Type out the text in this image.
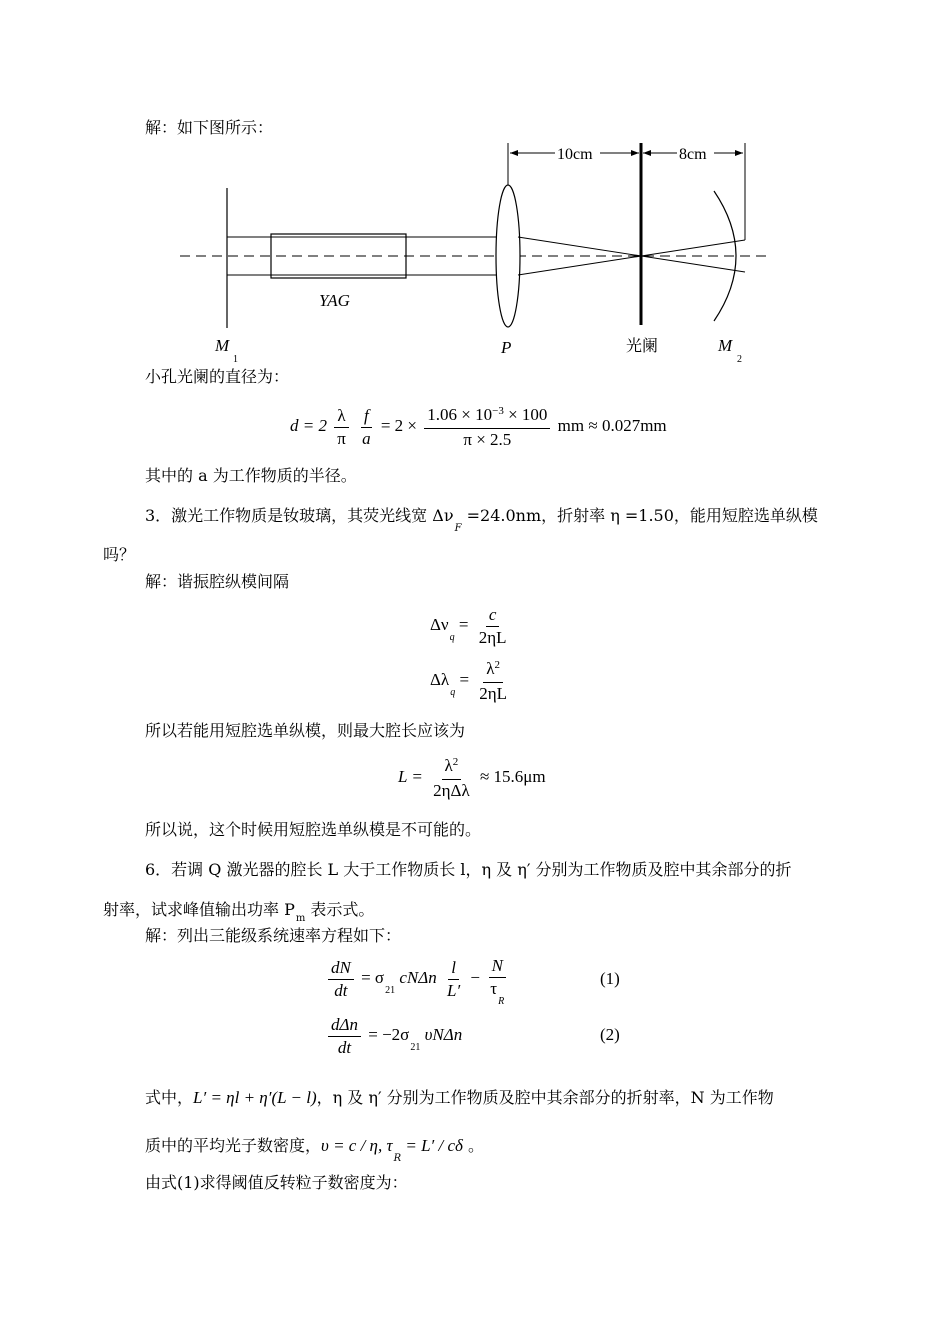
解：如下图所示：
10cm	8cm
YAG
M
1
P	光阑	M
2
小孔光阑的直径为：
$d = 2 \frac{\lambda}{\pi}$
$\frac{f}{a} = 2 \times \frac{1.06 \times 10^{-3} \times 100}{\pi \times 2.5}$ mm ≈ 0.027mm
其中的 a 为工作物质的半径。
3．激光工作物质是钕玻璃，其荧光线宽 $\Delta\nu_F =24.0nm$，折射率 η =1.50，能用短腔选单纵模
吗？
解：谐振腔纵模间隔
$\Delta\nu_q = \frac{c}{2\eta L}$
$\Delta\lambda_q = \frac{\lambda^2}{2\eta L}$
所以若能用短腔选单纵模，则最大腔长应该为
$L = \frac{\lambda^2}{\text{2ηΔλ}} \approx 15.6\mu m$
所以说，这个时候用短腔选单纵模是不可能的。
6．若调 Q 激光器的腔长 L 大于工作物质长 l，η 及 η′ 分别为工作物质及腔中其余部分的折
射率，试求峰值输出功率 $P_m$ 表示式。
解：列出三能级系统速率方程如下：
$\frac{dN}{dt} = \sigma_{21}$ cNΔn $\frac{l}{L'} - \frac{N}{\tau_R}$	(1)
$\frac{\text{dΔn}}{dt} = -2\sigma_{21}$ υNΔn	(2)
式中，L′ = ηl + η′(L − l)，η 及 η′ 分别为工作物质及腔中其余部分的折射率，N 为工作物
质中的平均光子数密度，υ = c / η, $\tau_R = L' / c\delta$ 。
由式(1)求得阈值反转粒子数密度为：
